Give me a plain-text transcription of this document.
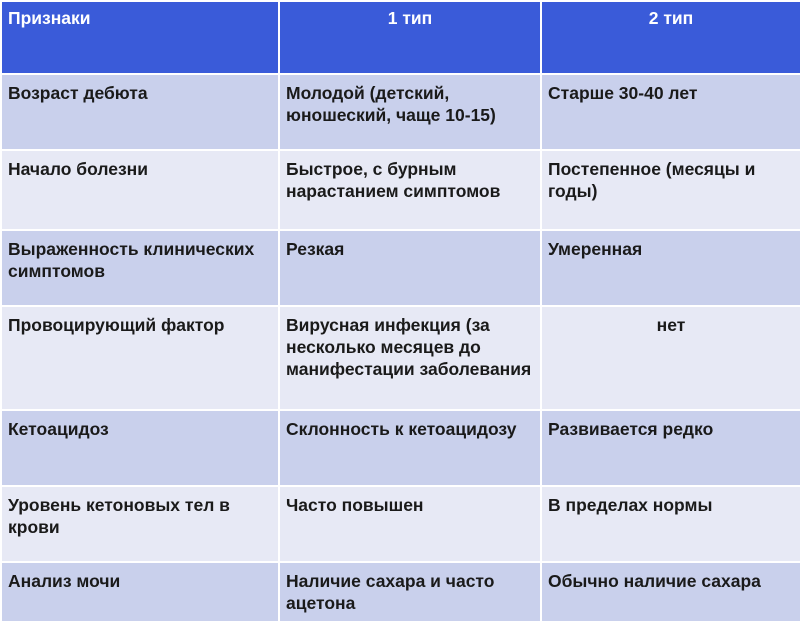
Признаки	1 тип	2 тип
Возраст дебюта	Молодой (детский, юношеский, чаще 10-15)	Старше 30-40 лет
Начало болезни	Быстрое, с бурным нарастанием симптомов	Постепенное (месяцы и годы)
Выраженность клинических симптомов	Резкая	Умеренная
Провоцирующий фактор	Вирусная инфекция (за несколько месяцев до манифестации заболевания	нет
Кетоацидоз	Склонность к кетоацидозу	Развивается редко
Уровень кетоновых тел в крови	Часто повышен	В пределах нормы
Анализ мочи	Наличие сахара и часто ацетона	Обычно наличие сахара
